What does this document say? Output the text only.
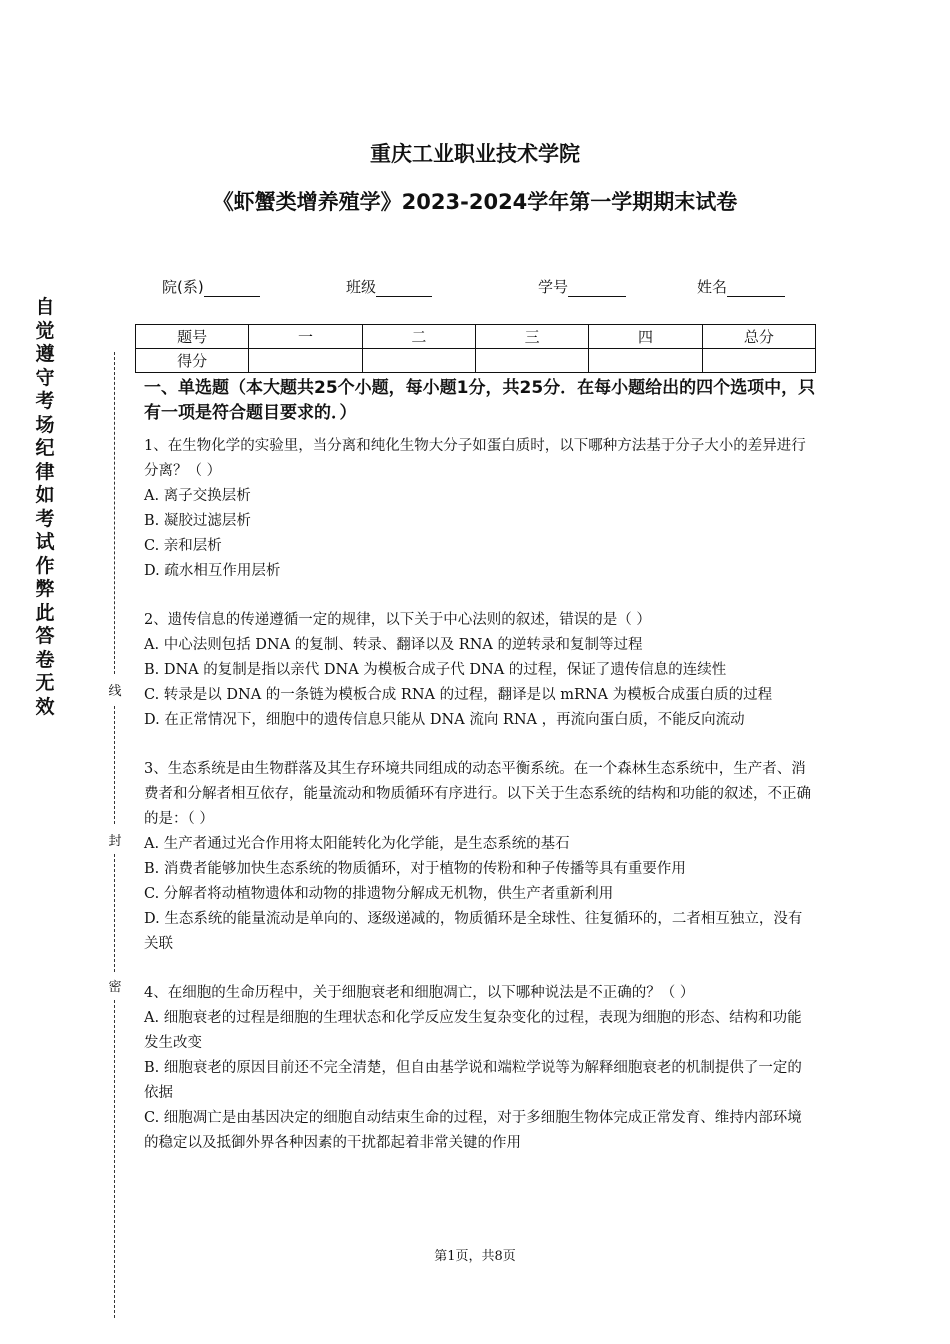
重庆工业职业技术学院
《虾蟹类增养殖学》2023-2024学年第一学期期末试卷
院(系)	班级	学号	姓名
题号	一	二	三	四	总分
得分					
自觉遵守考场纪律如考试作弊此答卷无效
线
封
密

一、单选题（本大题共25个小题，每小题1分，共25分．在每小题给出的四个选项中，只有一项是符合题目要求的．）

1、在生物化学的实验里，当分离和纯化生物大分子如蛋白质时，以下哪种方法基于分子大小的差异进行分离？（ ）

A. 离子交换层析

B. 凝胶过滤层析

C. 亲和层析

D. 疏水相互作用层析

2、遗传信息的传递遵循一定的规律，以下关于中心法则的叙述，错误的是（ ）

A. 中心法则包括 DNA 的复制、转录、翻译以及 RNA 的逆转录和复制等过程

B. DNA 的复制是指以亲代 DNA 为模板合成子代 DNA 的过程，保证了遗传信息的连续性

C. 转录是以 DNA 的一条链为模板合成 RNA 的过程，翻译是以 mRNA 为模板合成蛋白质的过程

D. 在正常情况下，细胞中的遗传信息只能从 DNA 流向 RNA ，再流向蛋白质，不能反向流动

3、生态系统是由生物群落及其生存环境共同组成的动态平衡系统。在一个森林生态系统中，生产者、消费者和分解者相互依存，能量流动和物质循环有序进行。以下关于生态系统的结构和功能的叙述，不正确的是：（ ）

A. 生产者通过光合作用将太阳能转化为化学能，是生态系统的基石

B. 消费者能够加快生态系统的物质循环，对于植物的传粉和种子传播等具有重要作用

C. 分解者将动植物遗体和动物的排遗物分解成无机物，供生产者重新利用

D. 生态系统的能量流动是单向的、逐级递减的，物质循环是全球性、往复循环的，二者相互独立，没有关联

4、在细胞的生命历程中，关于细胞衰老和细胞凋亡，以下哪种说法是不正确的？（ ）

A. 细胞衰老的过程是细胞的生理状态和化学反应发生复杂变化的过程，表现为细胞的形态、结构和功能发生改变

B. 细胞衰老的原因目前还不完全清楚，但自由基学说和端粒学说等为解释细胞衰老的机制提供了一定的依据

C. 细胞凋亡是由基因决定的细胞自动结束生命的过程，对于多细胞生物体完成正常发育、维持内部环境的稳定以及抵御外界各种因素的干扰都起着非常关键的作用

第1页，共8页
